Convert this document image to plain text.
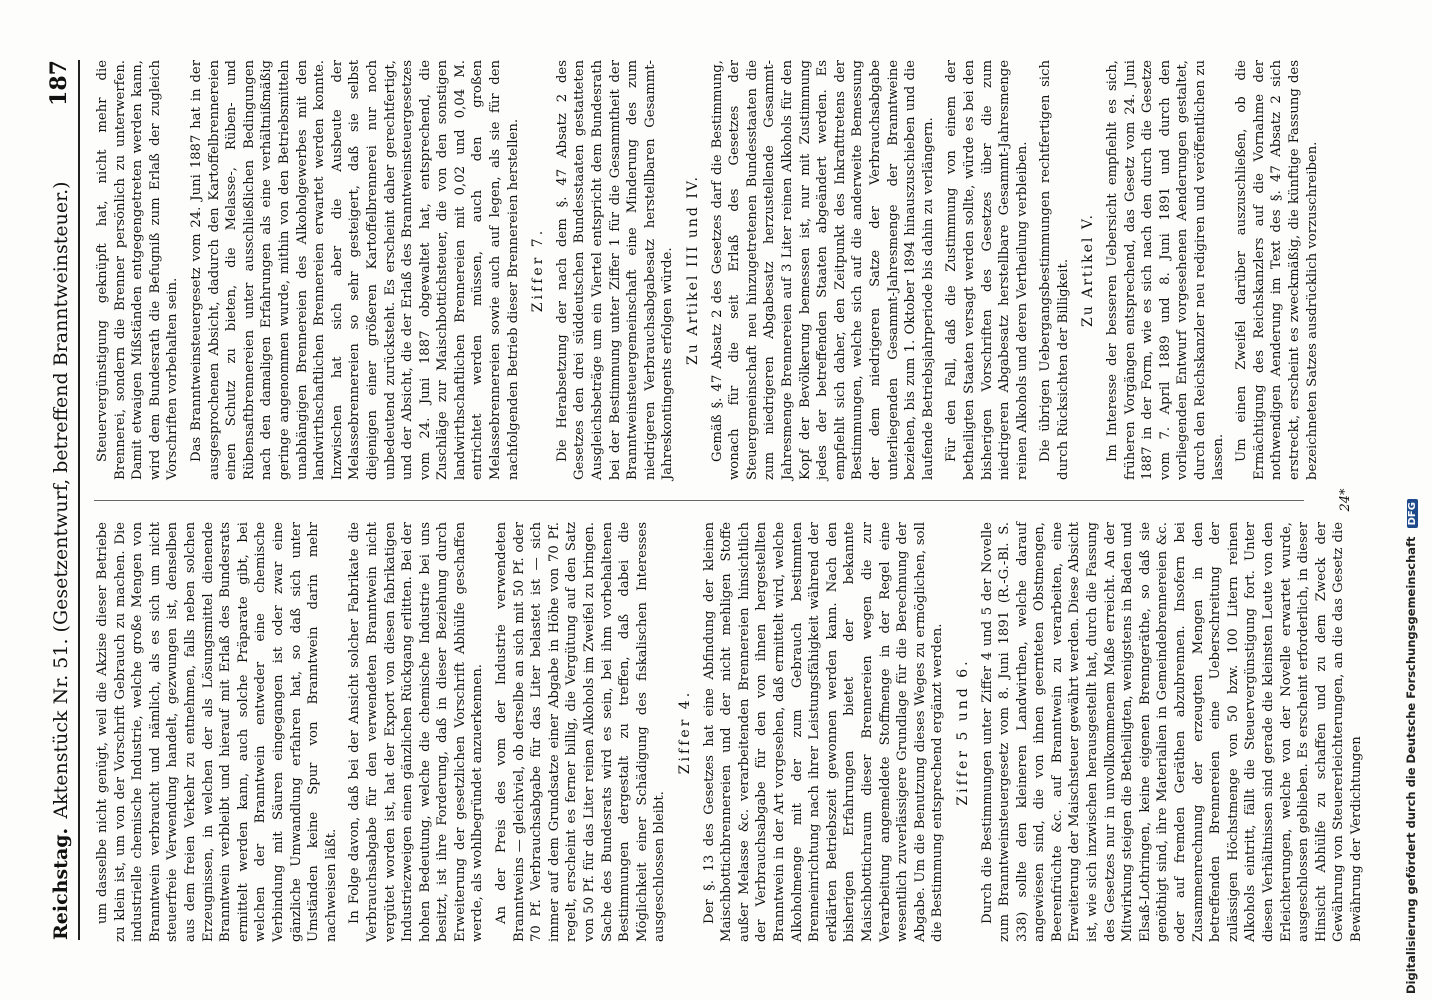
Reichstag.
Aktenstück Nr. 51. (Gesetzentwurf, betreffend Branntweinsteuer.)
187

um dasselbe nicht genügt, weil die Akzise dieser Betriebe zu klein ist, um von der Vorschrift Gebrauch zu machen. Die industrielle chemische Industrie, welche große Mengen von Branntwein verbraucht und nämlich, als es sich um nicht steuerfreie Verwendung handelt, gezwungen ist, denselben aus dem freien Verkehr zu entnehmen, falls neben solchen Erzeugnissen, in welchen der als Lösungsmittel dienende Branntwein verbleibt und hierauf mit Erlaß des Bundesrats ermittelt werden kann, auch solche Präparate gibt, bei welchen der Branntwein entweder eine chemische Verbindung mit Säuren eingegangen ist oder zwar eine gänzliche Umwandlung erfahren hat, so daß sich unter Umständen keine Spur von Branntwein darin mehr nachweisen läßt. In Folge davon, daß bei der Ansicht solcher Fabrikate die Verbrauchsabgabe für den verwendeten Branntwein nicht vergütet worden ist, hat der Export von diesen fabrikatigen Industriezweigen einen gänzlichen Rückgang erlitten. Bei der hohen Bedeutung, welche die chemische Industrie bei uns besitzt, ist ihre Forderung, daß in dieser Beziehung durch Erweiterung der gesetzlichen Vorschrift Abhülfe geschaffen werde, als wohlbegründet anzuerkennen. An der Preis des vom der Industrie verwendeten Branntweins — gleichviel, ob derselbe an sich mit 50 Pf. oder 70 Pf. Verbrauchsabgabe für das Liter belastet ist — sich immer auf dem Grundsatze einer Abgabe in Höhe von 70 Pf. regelt, erscheint es ferner billig, die Vergütung auf den Satz von 50 Pf. für das Liter reinen Alkohols im Zweifel zu bringen. Sache des Bundesrats wird es sein, bei ihm vorbehaltenen Bestimmungen dergestalt zu treffen, daß dabei die Möglichkeit einer Schädigung des fiskalischen Interesses ausgeschlossen bleibt.

Ziffer 4. Der §. 13 des Gesetzes hat eine Abfindung der kleinen Maischbottichbrennereien und der nicht mehligen Stoffe außer Melasse &c. verarbeitenden Brennereien hinsichtlich der Verbrauchsabgabe für den von ihnen hergestellten Branntwein in der Art vorgesehen, daß ermittelt wird, welche Alkoholmenge mit der zum Gebrauch bestimmten Brenneinrichtung nach ihrer Leistungsfähigkeit während der erklärten Betriebszeit gewonnen werden kann. Nach den bisherigen Erfahrungen bietet der bekannte Maischbottichraum dieser Brennereien wegen die zur Verarbeitung angemeldete Stoffmenge in der Regel eine wesentlich zuverlässigere Grundlage für die Berechnung der Abgabe. Um die Benutzung dieses Weges zu ermöglichen, soll die Bestimmung entsprechend ergänzt werden. Ziffer 5 und 6. Durch die Bestimmungen unter Ziffer 4 und 5 der Novelle zum Branntweinsteuergesetz vom 8. Juni 1891 (R.-G.-Bl. S. 338) sollte den kleineren Landwirthen, welche darauf angewiesen sind, die von ihnen geernteten Obstmengen, Beerenfrüchte &c. auf Branntwein zu verarbeiten, eine Erweiterung der Maischsteuer gewährt werden. Diese Absicht ist, wie sich inzwischen herausgestellt hat, durch die Fassung des Gesetzes nur in unvollkommenem Maße erreicht. An der Mitwirkung steigen die Betheiligten, wenigstens in Baden und Elsaß-Lothringen, keine eigenen Brenngeräthe, so daß sie genöthigt sind, ihre Materialien in Gemeindebrennereien &c. oder auf fremden Geräthen abzubrennen. Insofern bei Zusammenrechnung der erzeugten Mengen in den betreffenden Brennereien eine Ueberschreitung der zulässigen Höchstmenge von 50 bzw. 100 Litern reinen Alkohols eintritt, fällt die Steuervergünstigung fort. Unter diesen Verhältnissen sind gerade die kleinsten Leute von den Erleichterungen, welche von der Novelle erwartet wurde, ausgeschlossen geblieben. Es erscheint erforderlich, in dieser Hinsicht Abhülfe zu schaffen und zu dem Zweck der Gewährung von Steuererleichterungen, an die das Gesetz die Bewährung der Verdichtungen

Steuervergünstigung geknüpft hat, nicht mehr die Brennerei, sondern die Brenner persönlich zu unterwerfen. Damit etwaigen Mißständen entgegengetreten werden kann, wird dem Bundesrath die Befugniß zum Erlaß der zugleich Vorschriften vorbehalten sein. Das Branntweinsteuergesetz vom 24. Juni 1887 hat in der ausgesprochenen Absicht, dadurch den Kartoffelbrennereien einen Schutz zu bieten, die Melasse-, Rüben- und Rübensaftbrennereien unter ausschließlichen Bedingungen nach den damaligen Erfahrungen als eine verhältnißmäßig geringe angenommen wurde, mithin von den Betriebsmitteln unabhängigen Brennereien des Alkoholgewerbes mit den landwirthschaftlichen Brennereien erwartet werden konnte. Inzwischen hat sich aber die Ausbeute der Melassebrennereien so sehr gesteigert, daß sie selbst diejenigen einer größeren Kartoffelbrennerei nur noch unbedeutend zurücksteht. Es erscheint daher gerechtfertigt, und der Absicht, die der Erlaß des Branntweinsteuergesetzes vom 24. Juni 1887 obgewaltet hat, entsprechend, die Zuschläge zur Maischbottichsteuer, die von den sonstigen landwirthschaftlichen Brennereien mit 0,02 und 0,04 M. entrichtet werden müssen, auch den großen Melassebrennereien sowie auch auf legen, als sie für den nachfolgenden Betrieb dieser Brennereien herstellen. Ziffer 7. Die Herabsetzung der nach dem §. 47 Absatz 2 des Gesetzes den drei süddeutschen Bundesstaaten gestatteten Ausgleichsbeträge um ein Viertel entspricht dem Bundesrath bei der Bestimmung unter Ziffer 1 für die Gesammtheit der Branntweinsteuergemeinschaft eine Minderung des zum niedrigeren Verbrauchsabgabesatz herstellbaren Gesammt-Jahreskontingents erfolgen würde. Zu Artikel III und IV. Gemäß §. 47 Absatz 2 des Gesetzes darf die Bestimmung, wonach für die seit Erlaß des Gesetzes der Steuergemeinschaft neu hinzugetretenen Bundesstaaten die zum niedrigeren Abgabesatz herzustellende Gesammt-Jahresmenge Brennereien auf 3 Liter reinen Alkohols für den Kopf der Bevölkerung bemessen ist, nur mit Zustimmung jedes der betreffenden Staaten abgeändert werden. Es empfiehlt sich daher, den Zeitpunkt des Inkrafttretens der Bestimmungen, welche sich auf die anderweite Bemessung der dem niedrigeren Satze der Verbrauchsabgabe unterliegenden Gesammt-Jahresmenge der Branntweine beziehen, bis zum 1. Oktober 1894 hinauszuschieben und die laufende Betriebsjahrperiode bis dahin zu verlängern. Für den Fall, daß die Zustimmung von einem der betheiligten Staaten versagt werden sollte, würde es bei den bisherigen Vorschriften des Gesetzes über die zum niedrigeren Abgabesatz herstellbare Gesammt-Jahresmenge reinen Alkohols und deren Vertheilung verbleiben. Die übrigen Uebergangsbestimmungen rechtfertigen sich durch Rücksichten der Billigkeit. Zu Artikel V. Im Interesse der besseren Uebersicht empfiehlt es sich, früheren Vorgängen entsprechend, das Gesetz vom 24. Juni 1887 in der Form, wie es sich nach den durch die Gesetze vom 7. April 1889 und 8. Juni 1891 und durch den vorliegenden Entwurf vorgesehenen Aenderungen gestaltet, durch den Reichskanzler neu redigiren und veröffentlichen zu lassen. Um einen Zweifel darüber auszuschließen, ob die Ermächtigung des Reichskanzlers auf die Vornahme der nothwendigen Aenderung im Text des §. 47 Absatz 2 sich erstreckt, erscheint es zweckmäßig, die künftige Fassung des bezeichneten Satzes ausdrücklich vorzuschreiben.

24*
Digitalisierung gefördert durch die Deutsche Forschungsgemeinschaft DFG
